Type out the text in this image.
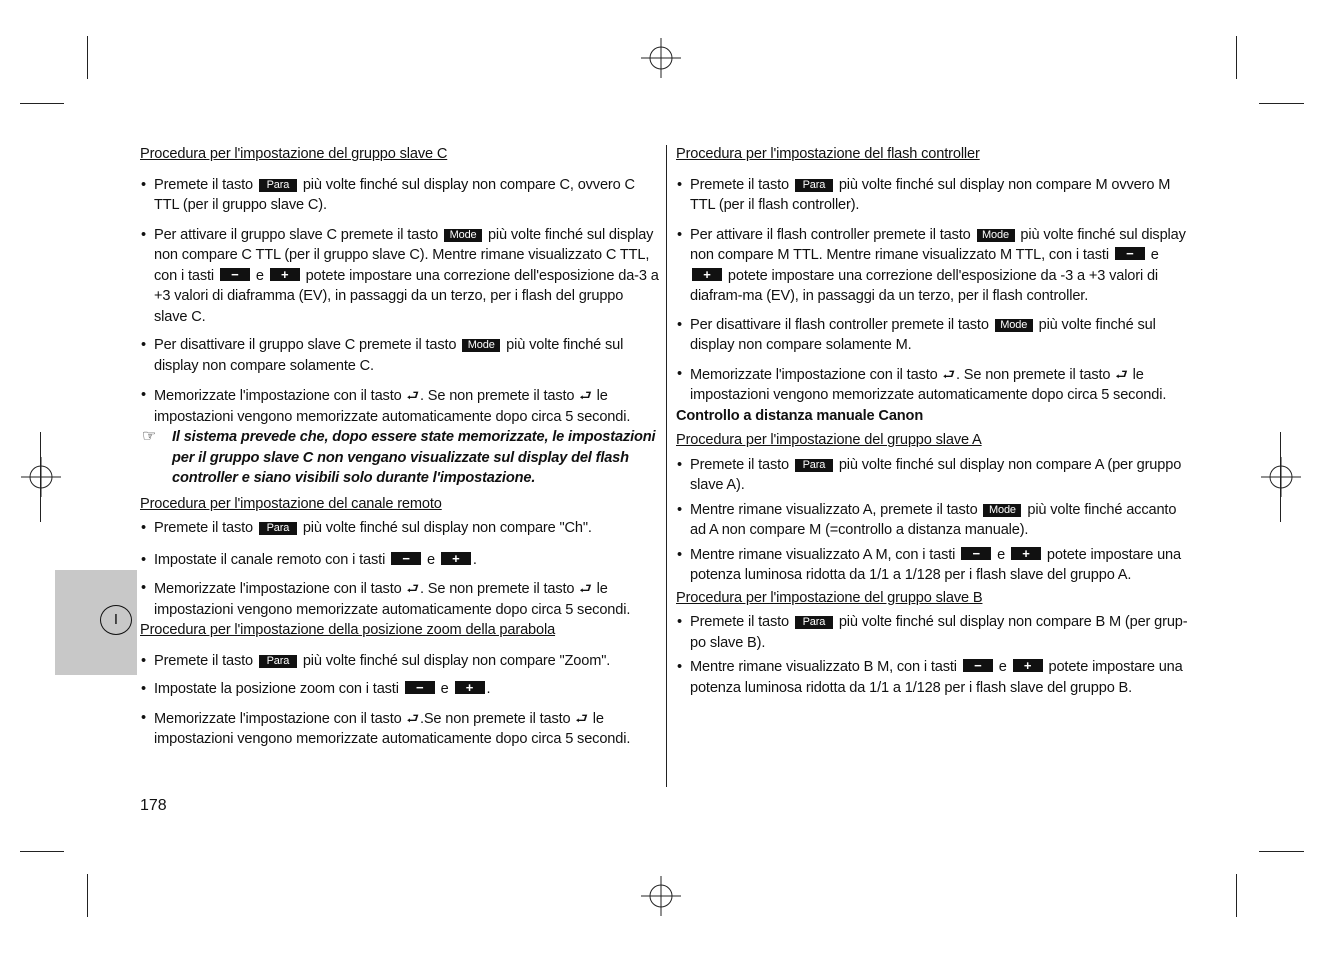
I

Procedura per l'impostazione del gruppo slave C

• Premete il tasto Para più volte finché sul display non compare C, ovvero C TTL (per il gruppo slave C).
• Per attivare il gruppo slave C premete il tasto Mode più volte finché sul display non compare C TTL (per il gruppo slave C). Mentre rimane visualizzato C TTL, con i tasti − e + potete impostare una correzione dell'esposizione da-3 a +3 valori di diaframma (EV), in passaggi da un terzo, per i flash del gruppo slave C.
• Per disattivare il gruppo slave C premete il tasto Mode più volte finché sul display non compare solamente C.
• Memorizzate l'impostazione con il tasto ⮐. Se non premete il tasto ⮐ le impostazioni vengono memorizzate automaticamente dopo circa 5 secondi.

☞ Il sistema prevede che, dopo essere state memorizzate, le impostazioni per il gruppo slave C non vengano visualizzate sul display del flash controller e siano visibili solo durante l'impostazione.

Procedura per l'impostazione del canale remoto

• Premete il tasto Para più volte finché sul display non compare "Ch".
• Impostate il canale remoto con i tasti − e + .
• Memorizzate l'impostazione con il tasto ⮐. Se non premete il tasto ⮐ le impostazioni vengono memorizzate automaticamente dopo circa 5 secondi.

Procedura per l'impostazione della posizione zoom della parabola

• Premete il tasto Para più volte finché sul display non compare "Zoom".
• Impostate la posizione zoom con i tasti − e + .
• Memorizzate l'impostazione con il tasto ⮐.Se non premete il tasto ⮐ le impostazioni vengono memorizzate automaticamente dopo circa 5 secondi.

Procedura per l'impostazione del flash controller

• Premete il tasto Para più volte finché sul display non compare M ovvero M TTL (per il flash controller).
• Per attivare il flash controller premete il tasto Mode più volte finché sul display non compare M TTL. Mentre rimane visualizzato M TTL, con i tasti − e + potete impostare una correzione dell'esposizione da -3 a +3 valori di diafram-ma (EV), in passaggi da un terzo, per il flash controller.
• Per disattivare il flash controller premete il tasto Mode più volte finché sul display non compare solamente M.
• Memorizzate l'impostazione con il tasto ⮐. Se non premete il tasto ⮐ le impostazioni vengono memorizzate automaticamente dopo circa 5 secondi.

Controllo a distanza manuale Canon

Procedura per l'impostazione del gruppo slave A

• Premete il tasto Para più volte finché sul display non compare A (per gruppo slave A).
• Mentre rimane visualizzato A, premete il tasto Mode più volte finché accanto ad A non compare M (=controllo a distanza manuale).
• Mentre rimane visualizzato A M, con i tasti − e + potete impostare una potenza luminosa ridotta da 1/1 a 1/128 per i flash slave del gruppo A.

Procedura per l'impostazione del gruppo slave B

• Premete il tasto Para più volte finché sul display non compare B M (per grup-po slave B).
• Mentre rimane visualizzato B M, con i tasti − e + potete impostare una potenza luminosa ridotta da 1/1 a 1/128 per i flash slave del gruppo B.
178
